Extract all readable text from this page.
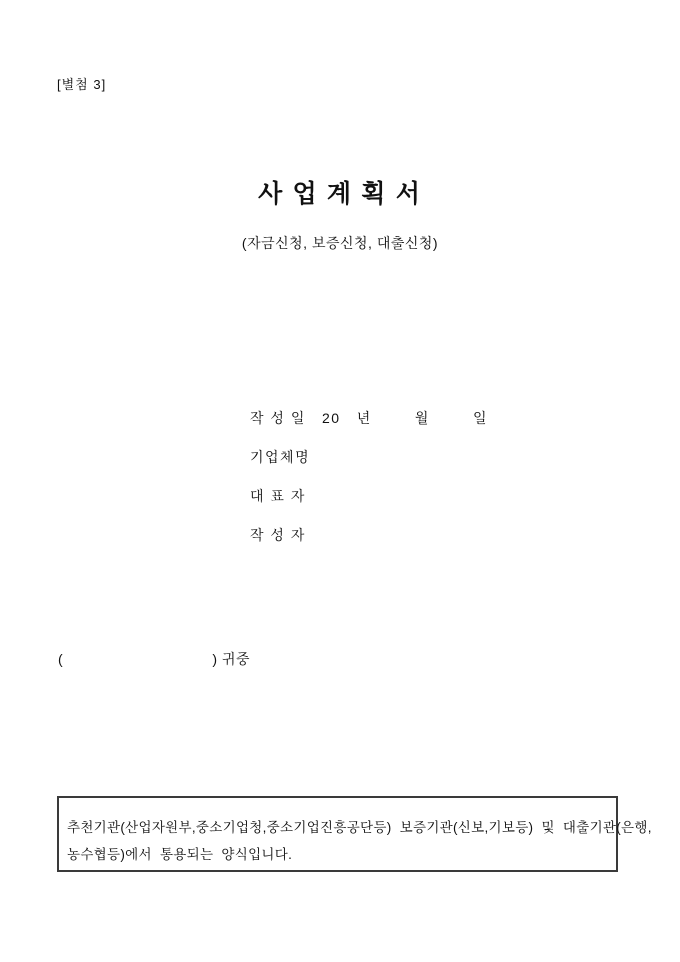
[별첨 3]
사 업 계 획 서
(자금신청, 보증신청, 대출신청)
작 성 일   20   년        월        일
기업체명
대 표 자
작 성 자
(                                  ) 귀중
추천기관(산업자원부,중소기업청,중소기업진흥공단등)  보증기관(신보,기보등)  및  대출기관(은행,
농수협등)에서  통용되는  양식입니다.
